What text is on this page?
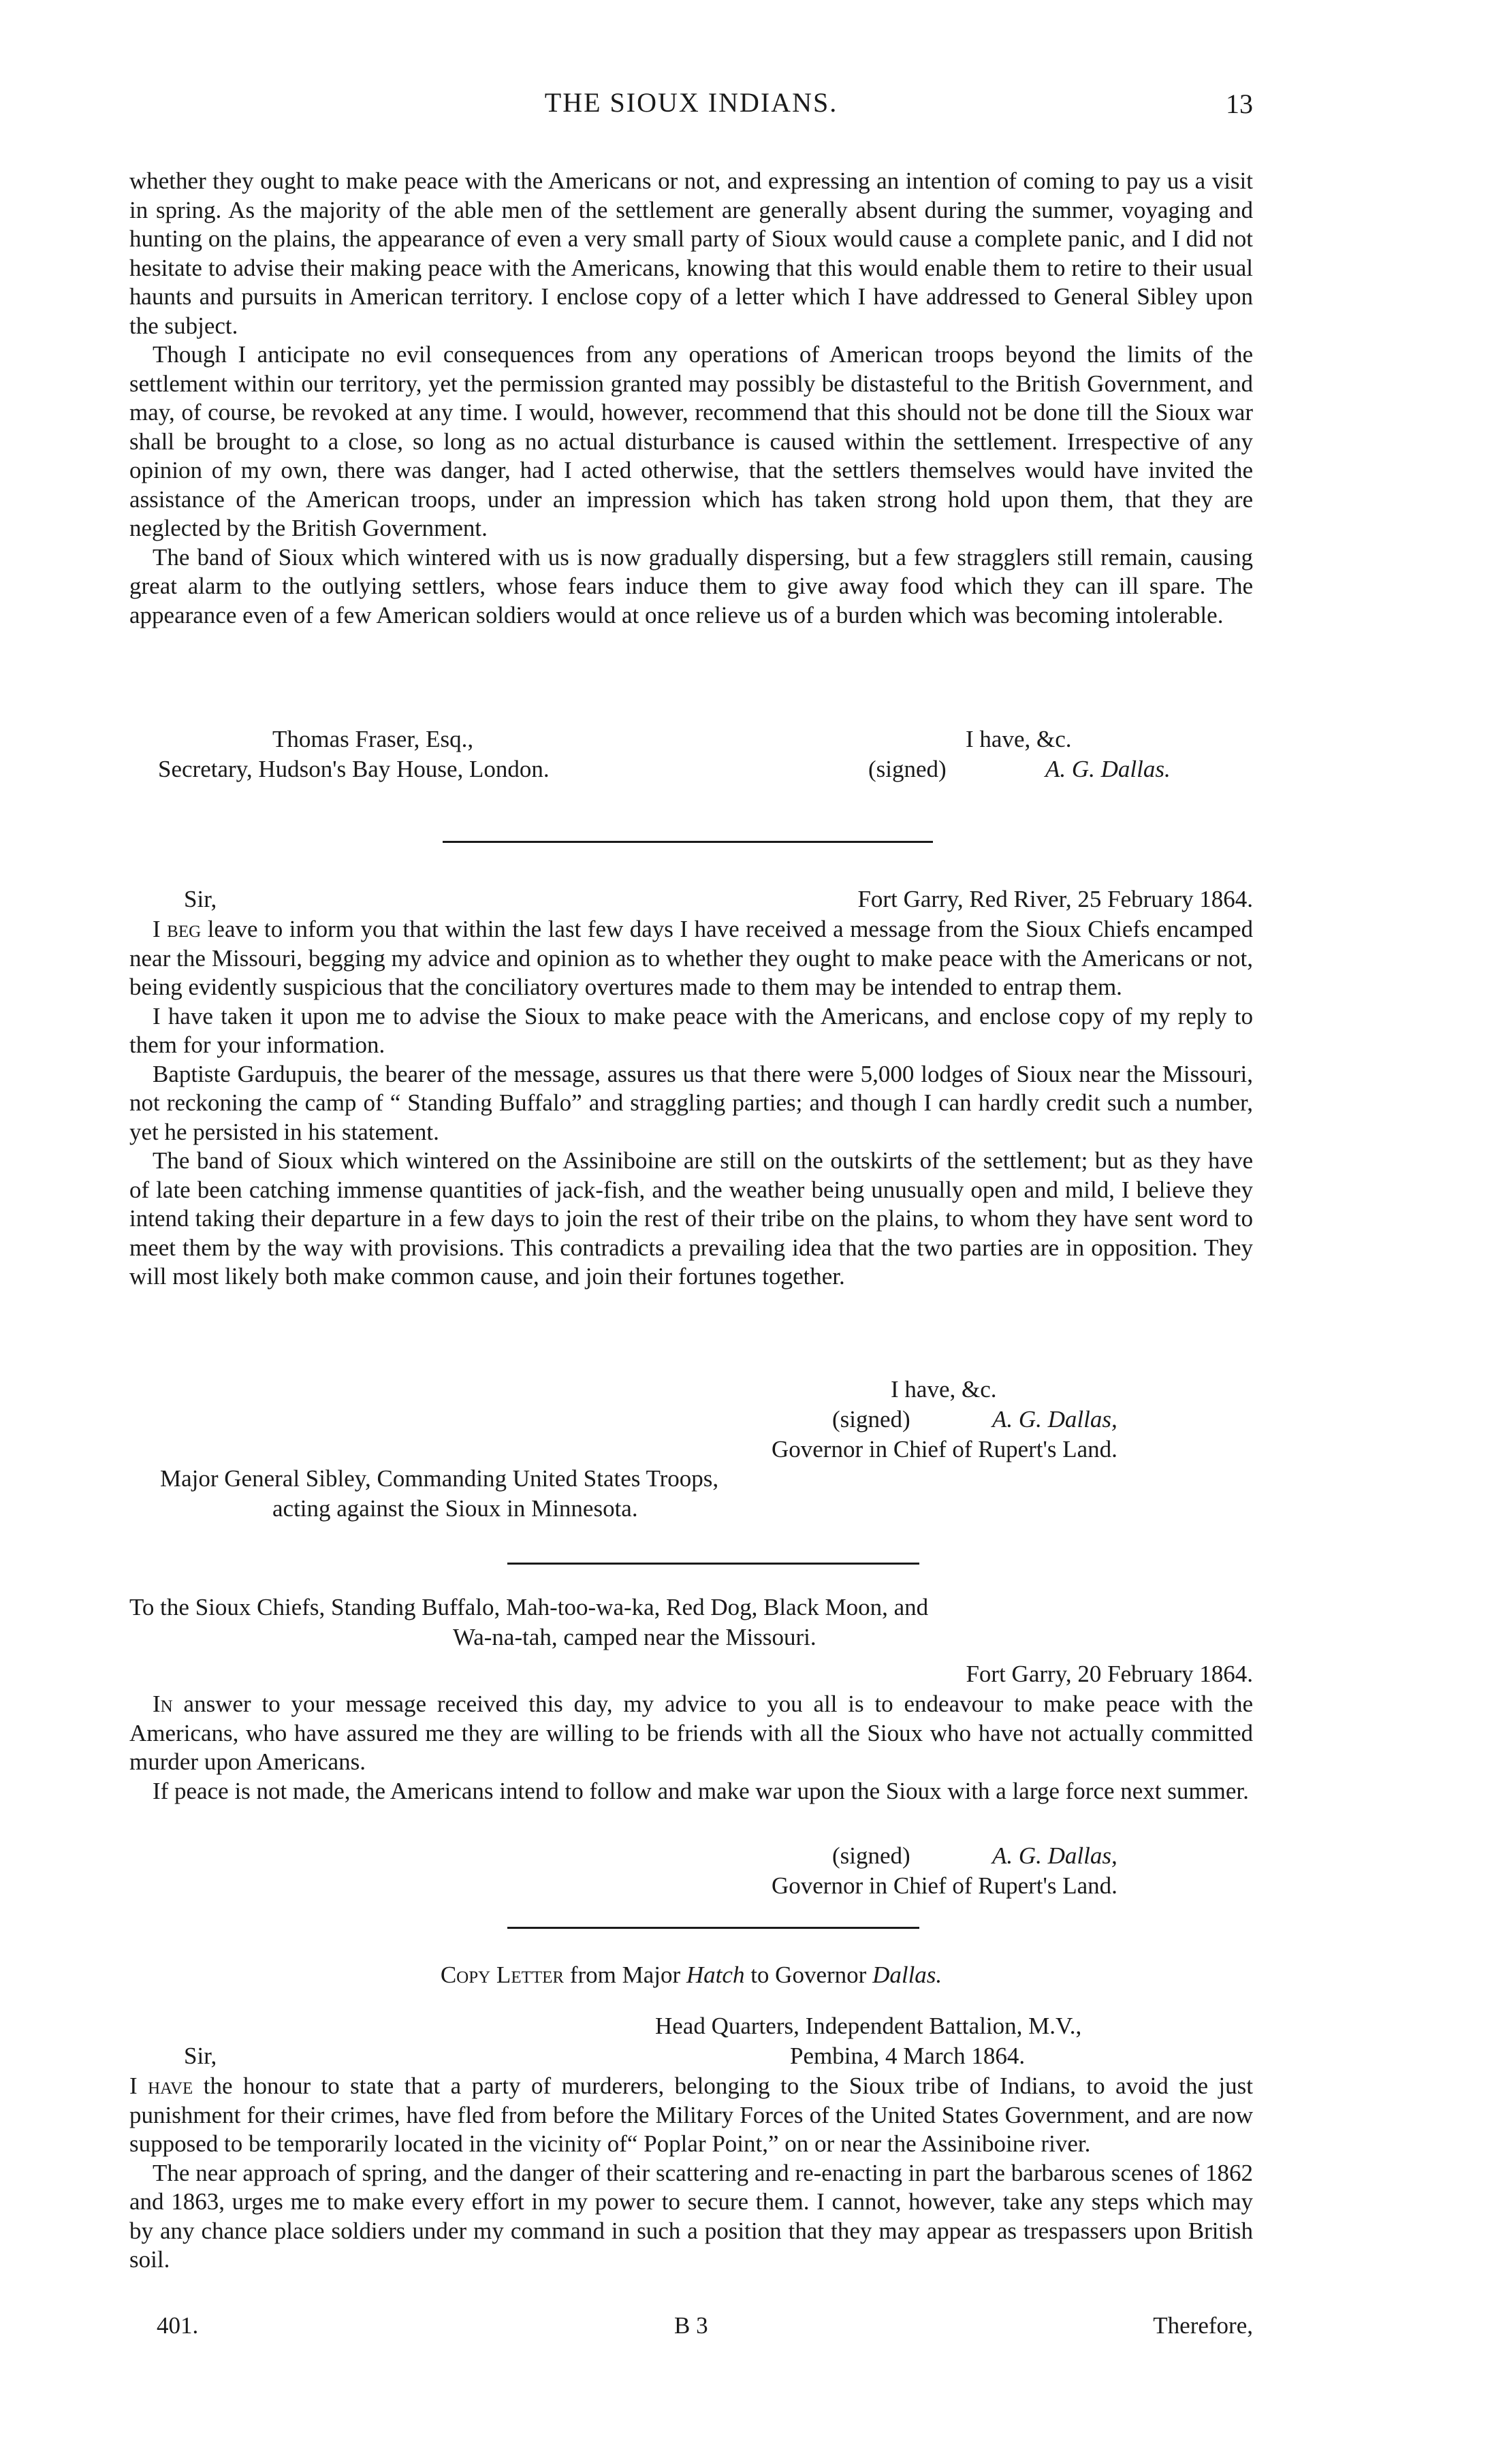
THE SIOUX INDIANS.	13

whether they ought to make peace with the Americans or not, and expressing an intention of coming to pay us a visit in spring. As the majority of the able men of the settlement are generally absent during the summer, voyaging and hunting on the plains, the appearance of even a very small party of Sioux would cause a complete panic, and I did not hesitate to advise their making peace with the Americans, knowing that this would enable them to retire to their usual haunts and pursuits in American territory. I enclose copy of a letter which I have addressed to General Sibley upon the subject.

Though I anticipate no evil consequences from any operations of American troops beyond the limits of the settlement within our territory, yet the permission granted may possibly be distasteful to the British Government, and may, of course, be revoked at any time. I would, however, recommend that this should not be done till the Sioux war shall be brought to a close, so long as no actual disturbance is caused within the settlement. Irrespective of any opinion of my own, there was danger, had I acted otherwise, that the settlers themselves would have invited the assistance of the American troops, under an impression which has taken strong hold upon them, that they are neglected by the British Government.

The band of Sioux which wintered with us is now gradually dispersing, but a few stragglers still remain, causing great alarm to the outlying settlers, whose fears induce them to give away food which they can ill spare. The appearance even of a few American soldiers would at once relieve us of a burden which was becoming intolerable.

Thomas Fraser, Esq.,
Secretary, Hudson's Bay House, London.
I have, &c.
(signed)	A. G. Dallas.
Sir,	Fort Garry, Red River, 25 February 1864.

I beg leave to inform you that within the last few days I have received a message from the Sioux Chiefs encamped near the Missouri, begging my advice and opinion as to whether they ought to make peace with the Americans or not, being evidently suspicious that the conciliatory overtures made to them may be intended to entrap them.

I have taken it upon me to advise the Sioux to make peace with the Americans, and enclose copy of my reply to them for your information.

Baptiste Gardupuis, the bearer of the message, assures us that there were 5,000 lodges of Sioux near the Missouri, not reckoning the camp of “ Standing Buffalo” and straggling parties; and though I can hardly credit such a number, yet he persisted in his statement.

The band of Sioux which wintered on the Assiniboine are still on the outskirts of the settlement; but as they have of late been catching immense quantities of jack-fish, and the weather being unusually open and mild, I believe they intend taking their departure in a few days to join the rest of their tribe on the plains, to whom they have sent word to meet them by the way with provisions. This contradicts a prevailing idea that the two parties are in opposition. They will most likely both make common cause, and join their fortunes together.

I have, &c.
(signed)	A. G. Dallas,
Governor in Chief of Rupert's Land.
Major General Sibley, Commanding United States Troops,
acting against the Sioux in Minnesota.
To the Sioux Chiefs, Standing Buffalo, Mah-too-wa-ka, Red Dog, Black Moon, and
Wa-na-tah, camped near the Missouri.
Fort Garry, 20 February 1864.

In answer to your message received this day, my advice to you all is to endeavour to make peace with the Americans, who have assured me they are willing to be friends with all the Sioux who have not actually committed murder upon Americans.

If peace is not made, the Americans intend to follow and make war upon the Sioux with a large force next summer.

(signed)	A. G. Dallas,
Governor in Chief of Rupert's Land.
Copy Letter from Major Hatch to Governor Dallas.
Head Quarters, Independent Battalion, M.V.,
Sir,	Pembina, 4 March 1864.

I have the honour to state that a party of murderers, belonging to the Sioux tribe of Indians, to avoid the just punishment for their crimes, have fled from before the Military Forces of the United States Government, and are now supposed to be temporarily located in the vicinity of“ Poplar Point,” on or near the Assiniboine river.

The near approach of spring, and the danger of their scattering and re-enacting in part the barbarous scenes of 1862 and 1863, urges me to make every effort in my power to secure them. I cannot, however, take any steps which may by any chance place soldiers under my command in such a position that they may appear as trespassers upon British soil.

401.	B 3	Therefore,
